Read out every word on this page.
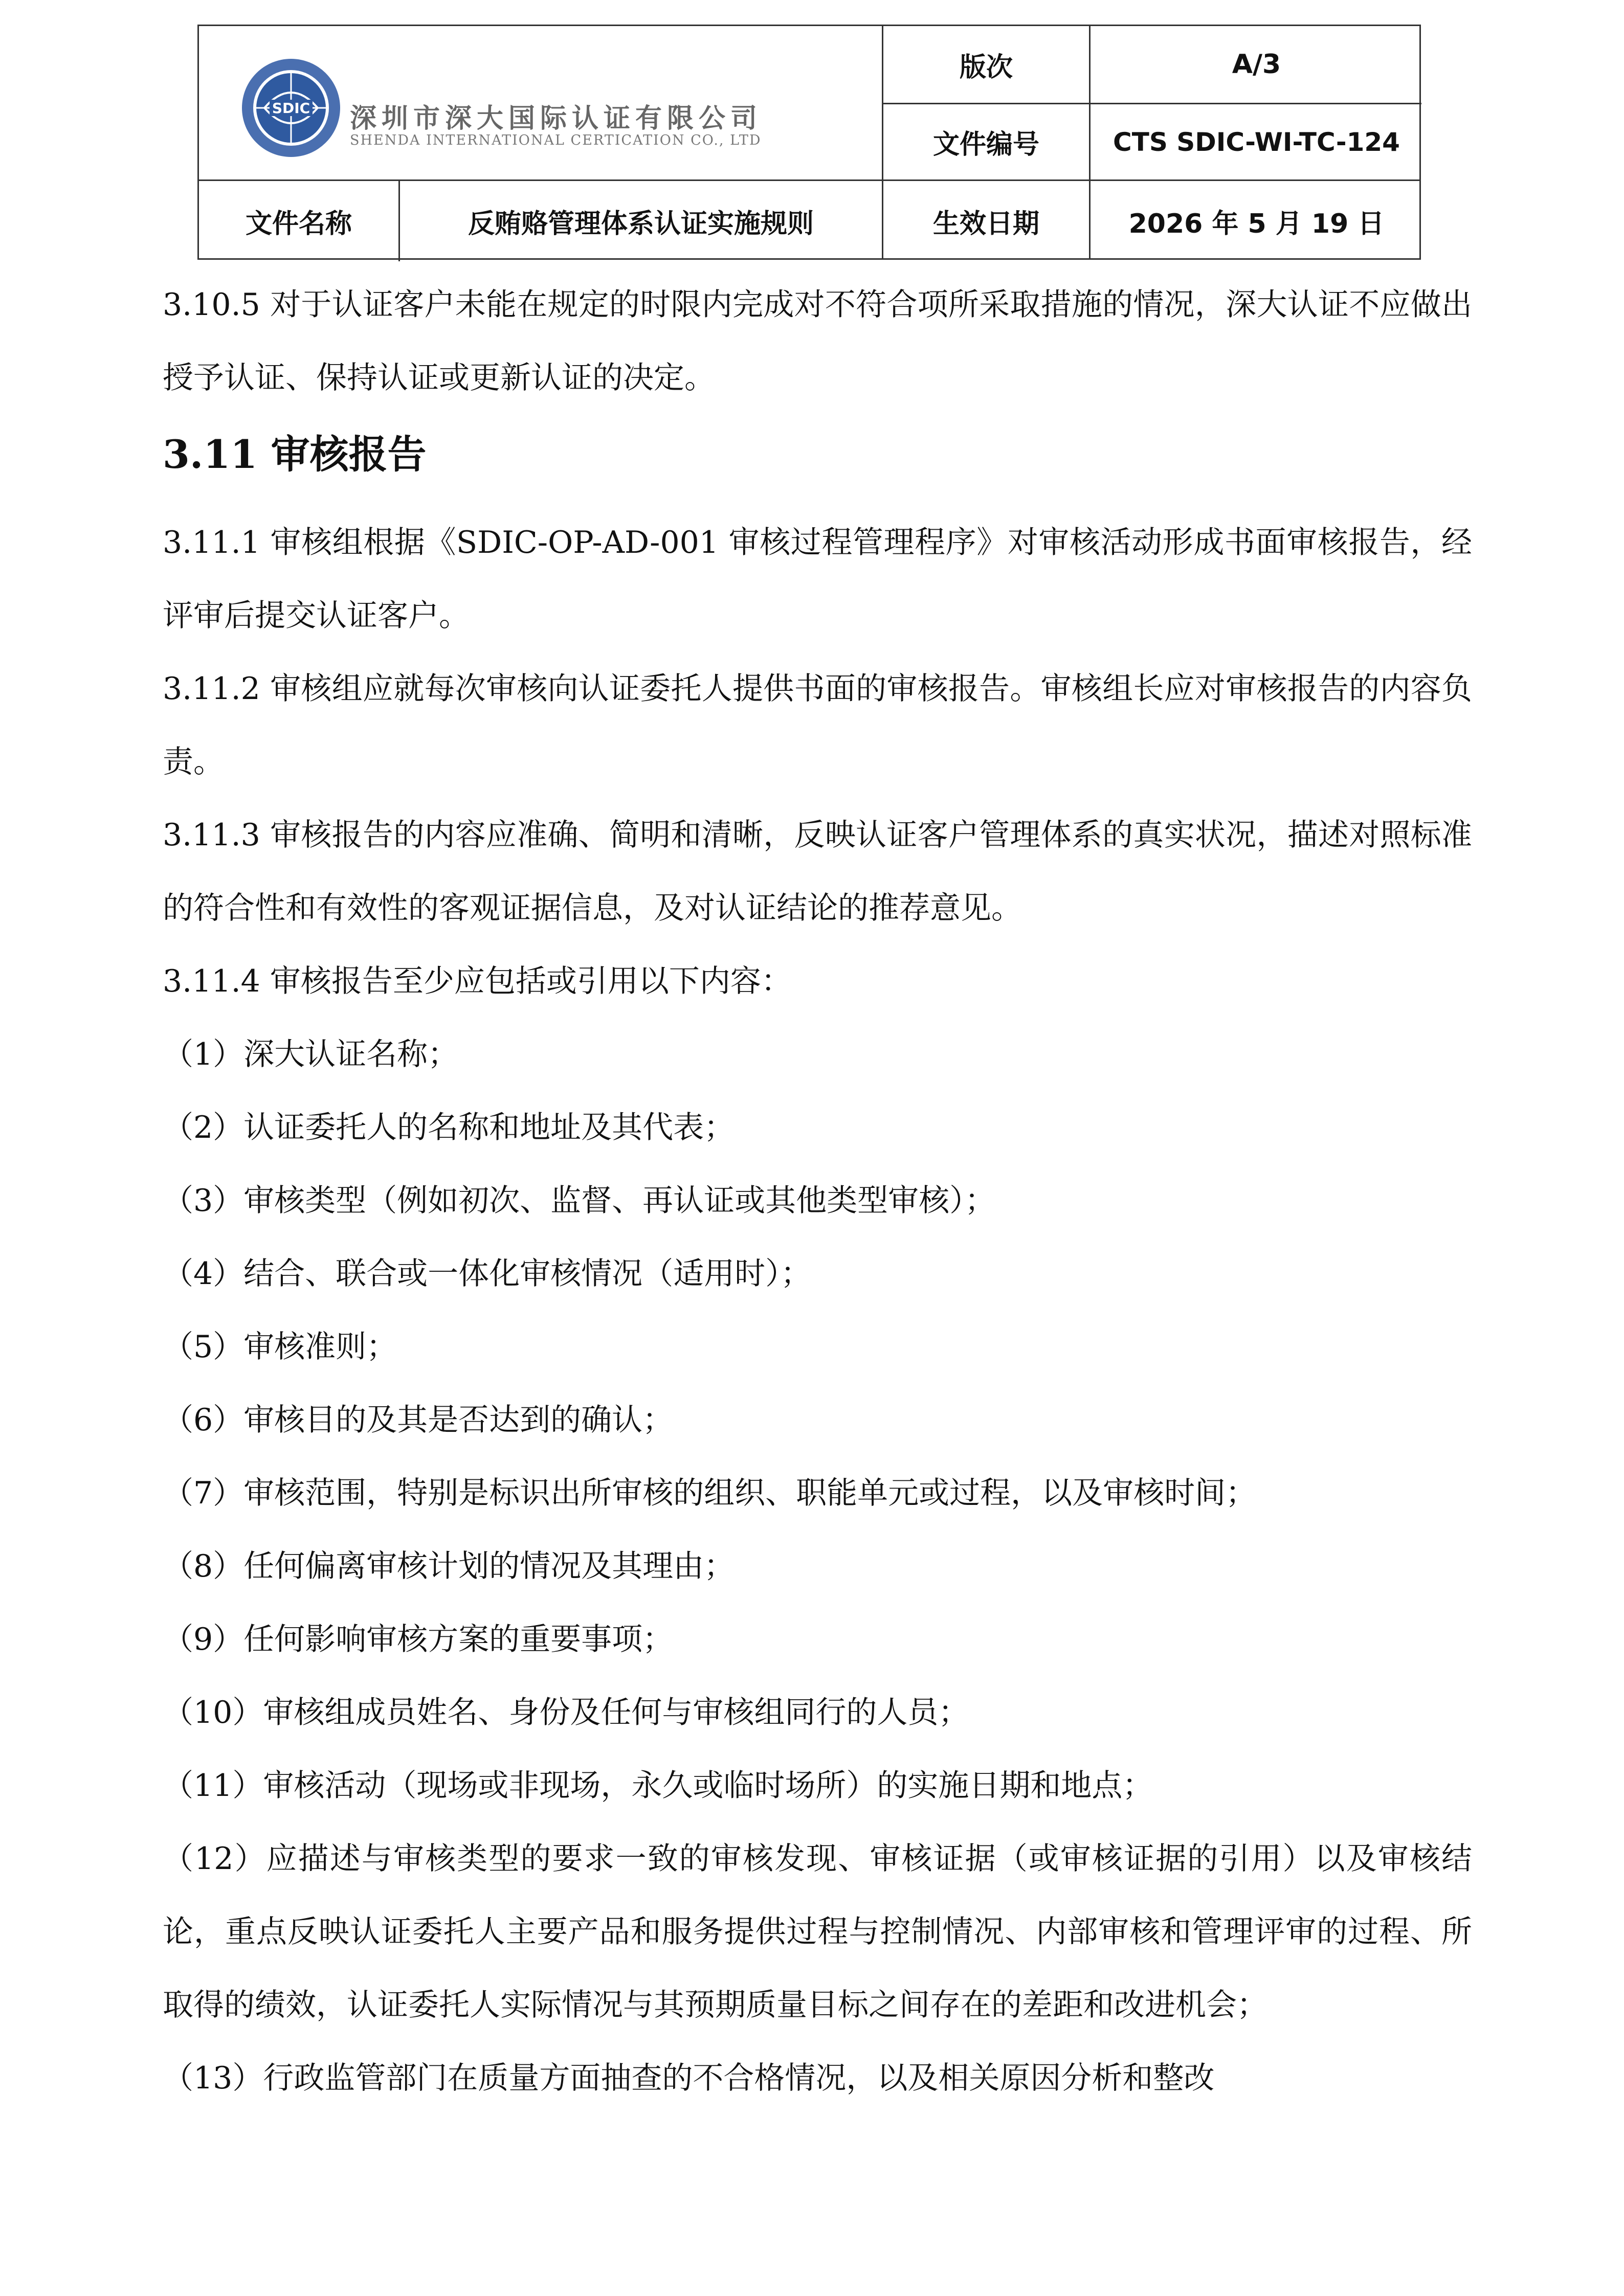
SDIC 深圳市深大国际认证有限公司
SHENDA INTERNATIONAL CERTICATION CO., LTD
版次	A/3
文件编号	CTS SDIC-WI-TC-124
文件名称	反贿赂管理体系认证实施规则	生效日期	2026 年 5 月 19 日

3.10.5 对于认证客户未能在规定的时限内完成对不符合项所采取措施的情况，深大认证不应做出授予认证、保持认证或更新认证的决定。

3.11 审核报告

3.11.1 审核组根据《SDIC-OP-AD-001 审核过程管理程序》对审核活动形成书面审核报告，经评审后提交认证客户。

3.11.2 审核组应就每次审核向认证委托人提供书面的审核报告。审核组长应对审核报告的内容负责。

3.11.3 审核报告的内容应准确、简明和清晰，反映认证客户管理体系的真实状况，描述对照标准的符合性和有效性的客观证据信息，及对认证结论的推荐意见。

3.11.4 审核报告至少应包括或引用以下内容：

（1）深大认证名称；

（2）认证委托人的名称和地址及其代表；

（3）审核类型（例如初次、监督、再认证或其他类型审核）；

（4）结合、联合或一体化审核情况（适用时）；

（5）审核准则；

（6）审核目的及其是否达到的确认；

（7）审核范围，特别是标识出所审核的组织、职能单元或过程，以及审核时间；

（8）任何偏离审核计划的情况及其理由；

（9）任何影响审核方案的重要事项；

（10）审核组成员姓名、身份及任何与审核组同行的人员；

（11）审核活动（现场或非现场，永久或临时场所）的实施日期和地点；

（12）应描述与审核类型的要求一致的审核发现、审核证据（或审核证据的引用）以及审核结论，重点反映认证委托人主要产品和服务提供过程与控制情况、内部审核和管理评审的过程、所取得的绩效，认证委托人实际情况与其预期质量目标之间存在的差距和改进机会；

（13）行政监管部门在质量方面抽查的不合格情况，以及相关原因分析和整改
